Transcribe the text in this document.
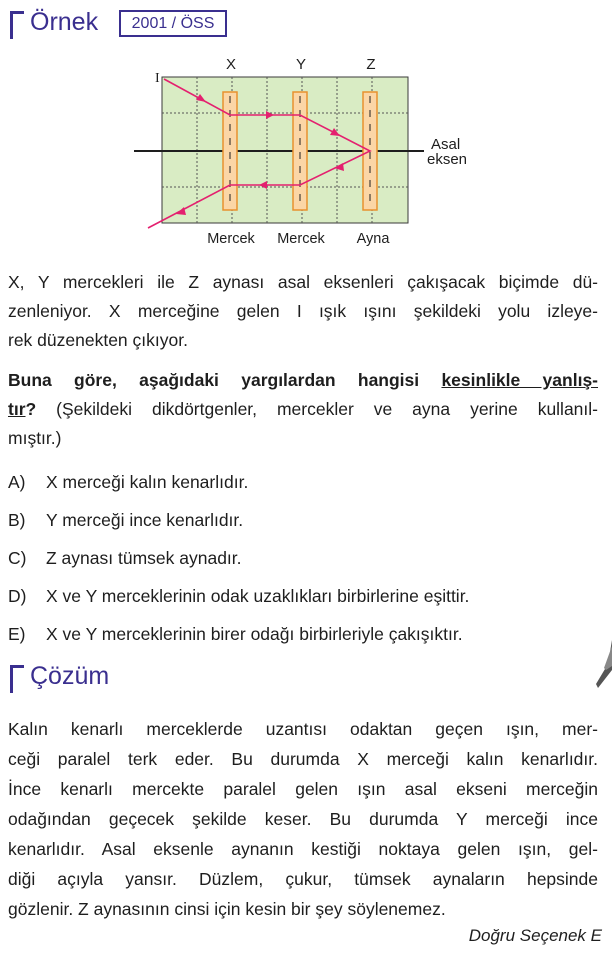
Örnek	2001 / ÖSS
I
X	Y	Z
Asal
eksen
Mercek Mercek Ayna
X, Y mercekleri ile Z aynası asal eksenleri çakışacak biçimde dü-
zenleniyor. X merceğine gelen I ışık ışını şekildeki yolu izleye-
rek düzenekten çıkıyor.
Buna göre, aşağıdaki yargılardan hangisi kesinlikle yanlış-
tır? (Şekildeki dikdörtgenler, mercekler ve ayna yerine kullanıl-
mıştır.)
A)	X merceği kalın kenarlıdır.
B)	Y merceği ince kenarlıdır.
C)	Z aynası tümsek aynadır.
D)	X ve Y merceklerinin odak uzaklıkları birbirlerine eşittir.
E)	X ve Y merceklerinin birer odağı birbirleriyle çakışıktır.
Çözüm
Kalın kenarlı merceklerde uzantısı odaktan geçen ışın, mer-
ceği paralel terk eder. Bu durumda X merceği kalın kenarlıdır.
İnce kenarlı mercekte paralel gelen ışın asal ekseni merceğin
odağından geçecek şekilde keser. Bu durumda Y merceği ince
kenarlıdır. Asal eksenle aynanın kestiği noktaya gelen ışın, gel-
diği açıyla yansır. Düzlem, çukur, tümsek aynaların hepsinde
gözlenir. Z aynasının cinsi için kesin bir şey söylenemez.
Doğru Seçenek E
